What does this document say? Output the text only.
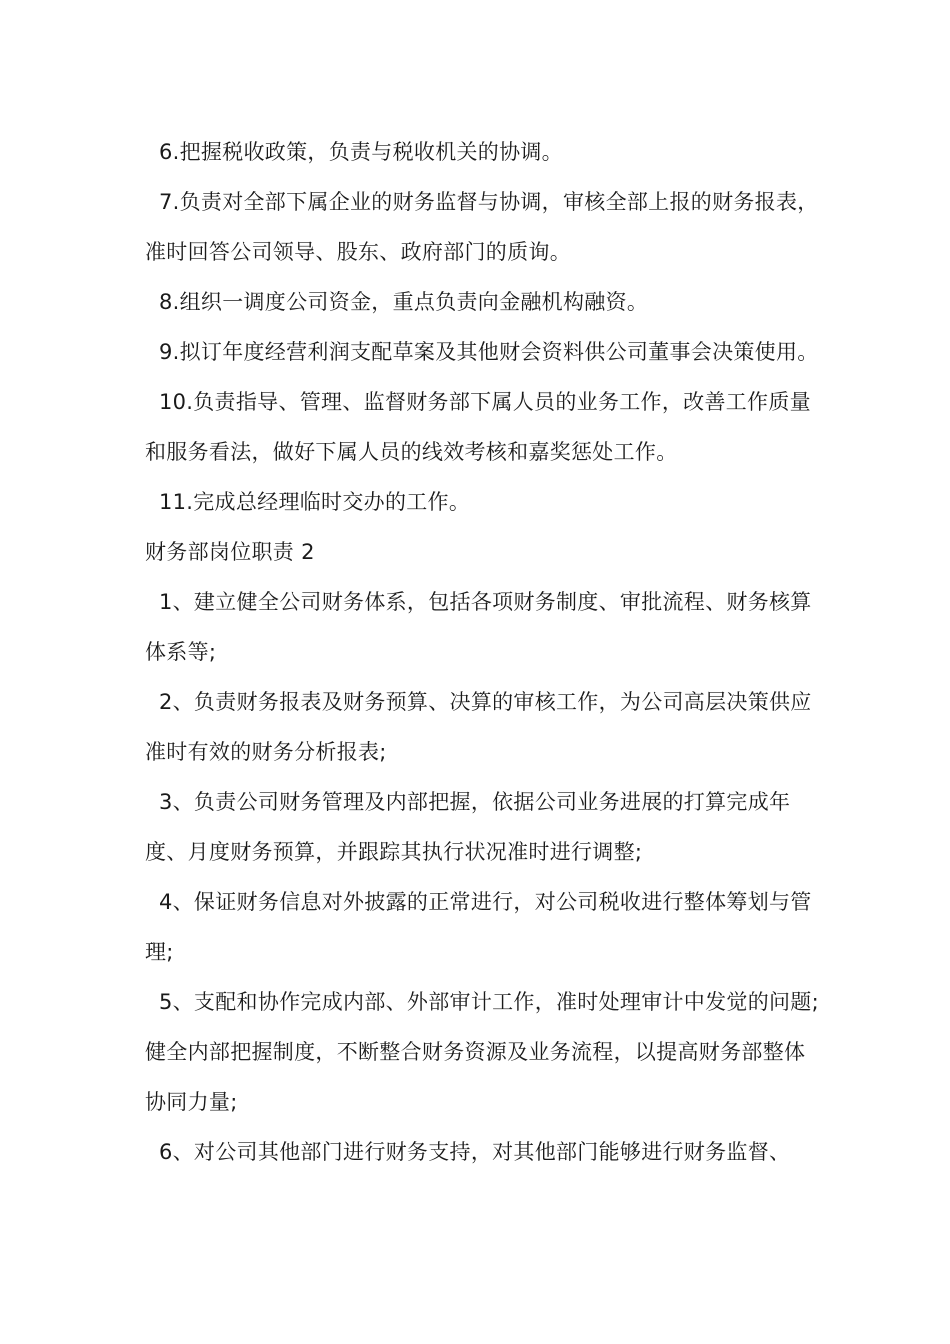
6.把握税收政策，负责与税收机关的协调。

7.负责对全部下属企业的财务监督与协调，审核全部上报的财务报表，准时回答公司领导、股东、政府部门的质询。

8.组织一调度公司资金，重点负责向金融机构融资。

9.拟订年度经营利润支配草案及其他财会资料供公司董事会决策使用。

10.负责指导、管理、监督财务部下属人员的业务工作，改善工作质量和服务看法，做好下属人员的线效考核和嘉奖惩处工作。

11.完成总经理临时交办的工作。

财务部岗位职责 2

1、建立健全公司财务体系，包括各项财务制度、审批流程、财务核算体系等;

2、负责财务报表及财务预算、决算的审核工作，为公司高层决策供应准时有效的财务分析报表;

3、负责公司财务管理及内部把握，依据公司业务进展的打算完成年度、月度财务预算，并跟踪其执行状况准时进行调整;

4、保证财务信息对外披露的正常进行，对公司税收进行整体筹划与管理;

5、支配和协作完成内部、外部审计工作，准时处理审计中发觉的问题;健全内部把握制度，不断整合财务资源及业务流程，以提高财务部整体协同力量;

6、对公司其他部门进行财务支持，对其他部门能够进行财务监督、
